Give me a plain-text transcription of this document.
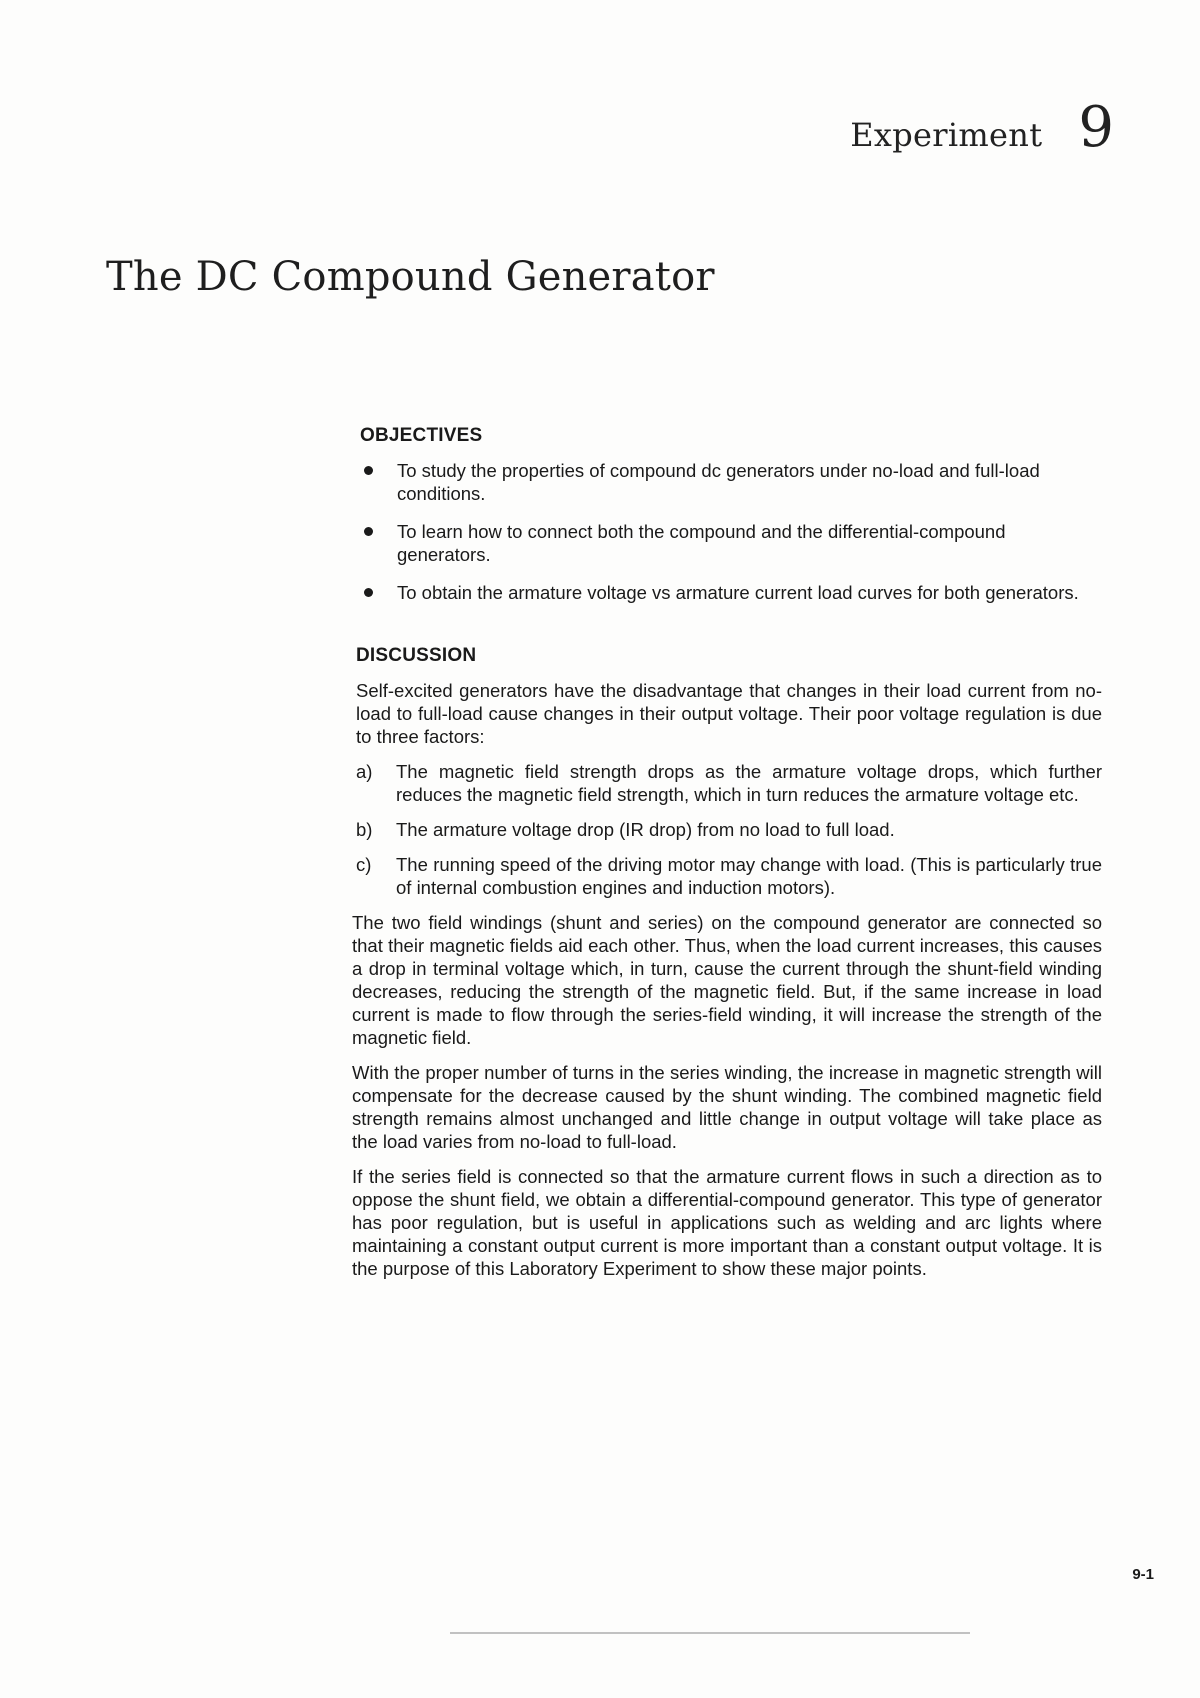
Experiment 9
The DC Compound Generator
OBJECTIVES
To study the properties of compound dc generators under no-load and full-load conditions.
To learn how to connect both the compound and the differential-compound generators.
To obtain the armature voltage vs armature current load curves for both generators.
DISCUSSION

Self-excited generators have the disadvantage that changes in their load current from no-load to full-load cause changes in their output voltage. Their poor voltage regulation is due to three factors:

a) The magnetic field strength drops as the armature voltage drops, which further reduces the magnetic field strength, which in turn reduces the armature voltage etc.
b) The armature voltage drop (IR drop) from no load to full load.
c) The running speed of the driving motor may change with load. (This is particularly true of internal combustion engines and induction motors).

The two field windings (shunt and series) on the compound generator are connected so that their magnetic fields aid each other. Thus, when the load current increases, this causes a drop in terminal voltage which, in turn, cause the current through the shunt-field winding decreases, reducing the strength of the magnetic field. But, if the same increase in load current is made to flow through the series-field winding, it will increase the strength of the magnetic field.

With the proper number of turns in the series winding, the increase in magnetic strength will compensate for the decrease caused by the shunt winding. The combined magnetic field strength remains almost unchanged and little change in output voltage will take place as the load varies from no-load to full-load.

If the series field is connected so that the armature current flows in such a direction as to oppose the shunt field, we obtain a differential-compound generator. This type of generator has poor regulation, but is useful in applications such as welding and arc lights where maintaining a constant output current is more important than a constant output voltage. It is the purpose of this Laboratory Experiment to show these major points.

9-1
